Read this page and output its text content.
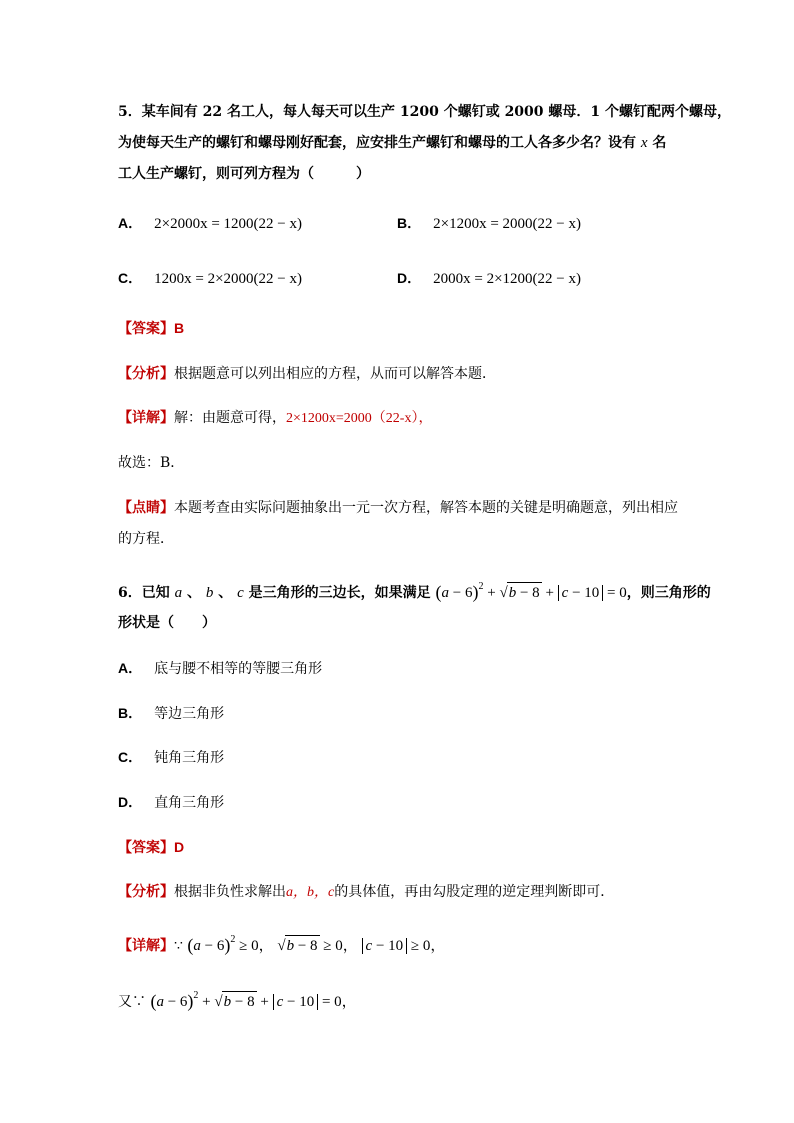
5．某车间有 22 名工人，每人每天可以生产 1200 个螺钉或 2000 螺母．1 个螺钉配两个螺母，
为使每天生产的螺钉和螺母刚好配套，应安排生产螺钉和螺母的工人各多少名？设有 x 名
工人生产螺钉，则可列方程为（　　　）
A． 2×2000x = 1200(22 − x)	B． 2×1200x = 2000(22 − x)
C． 1200x = 2×2000(22 − x)	D． 2000x = 2×1200(22 − x)
【答案】B
【分析】根据题意可以列出相应的方程，从而可以解答本题．
【详解】解：由题意可得，2×1200x=2000（22-x），
故选：B．
【点睛】本题考查由实际问题抽象出一元一次方程，解答本题的关键是明确题意，列出相应
的方程．
6．已知 a 、 b 、 c 是三角形的三边长，如果满足 $(a - 6)^2 + √b - 8 + c - 10 = 0$，则三角形的
形状是（　　）
A． 底与腰不相等的等腰三角形
B． 等边三角形
C． 钝角三角形
D． 直角三角形
【答案】D
【分析】根据非负性求解出a，b，c的具体值，再由勾股定理的逆定理判断即可．
【详解】∵ $(a - 6)^2 \ge 0$， √b − 8 ≥ 0， c − 10 ≥ 0，
又∵ $(a - 6)^2 + √b - 8 + c - 10 = 0$，
